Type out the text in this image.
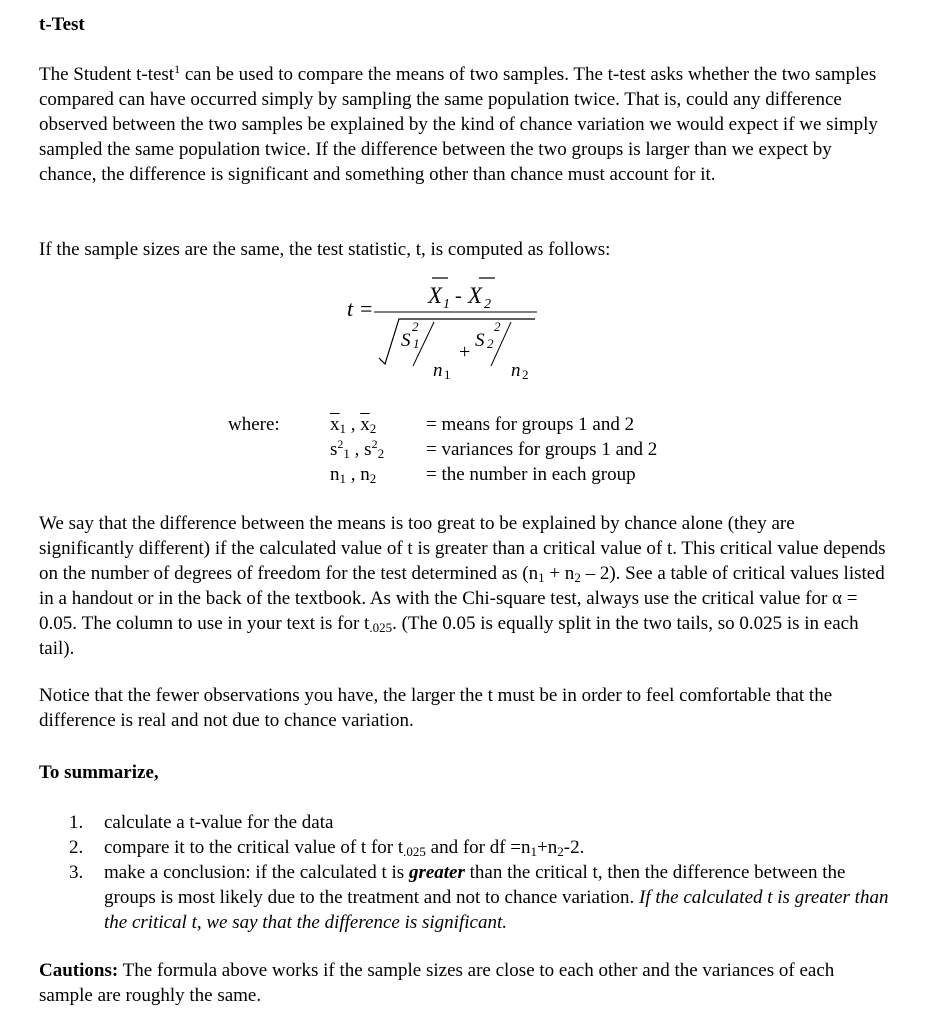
t-Test

The Student t-test$^1$ can be used to compare the means of two samples. The t-test asks whether the two samples compared can have occurred simply by sampling the same population twice. That is, could any difference observed between the two samples be explained by the kind of chance variation we would expect if we simply sampled the same population twice. If the difference between the two groups is larger than we expect by chance, the difference is significant and something other than chance must account for it.

If the sample sizes are the same, the test statistic, t, is computed as follows:

t =
X 1 - X 2
S
2
1
n 1
+
S
2
2
n 2
where:	$\overline{x}_1$ , $\overline{x}_2$	= means for groups 1 and 2
$s^2_1$ , $s^2_2$ = variances for groups 1 and 2
$n_1$ , $n_2$	= the number in each group

We say that the difference between the means is too great to be explained by chance alone (they are significantly different) if the calculated value of t is greater than a critical value of t. This critical value depends on the number of degrees of freedom for the test determined as $(n_1 + n_2 - 2)$. See a table of critical values listed in a handout or in the back of the textbook. As with the Chi-square test, always use the critical value for α = 0.05. The column to use in your text is for $t_{.025}$. (The 0.05 is equally split in the two tails, so 0.025 is in each tail).

Notice that the fewer observations you have, the larger the t must be in order to feel comfortable that the difference is real and not due to chance variation.

To summarize,
1. calculate a t-value for the data
2. compare it to the critical value of t for $t_{.025}$ and for df $=n_1+n_2-2$.
3. make a conclusion: if the calculated t is greater than the critical t, then the difference between the groups is most likely due to the treatment and not to chance variation. If the calculated t is greater than the critical t, we say that the difference is significant.

Cautions: The formula above works if the sample sizes are close to each other and the variances of each sample are roughly the same.
